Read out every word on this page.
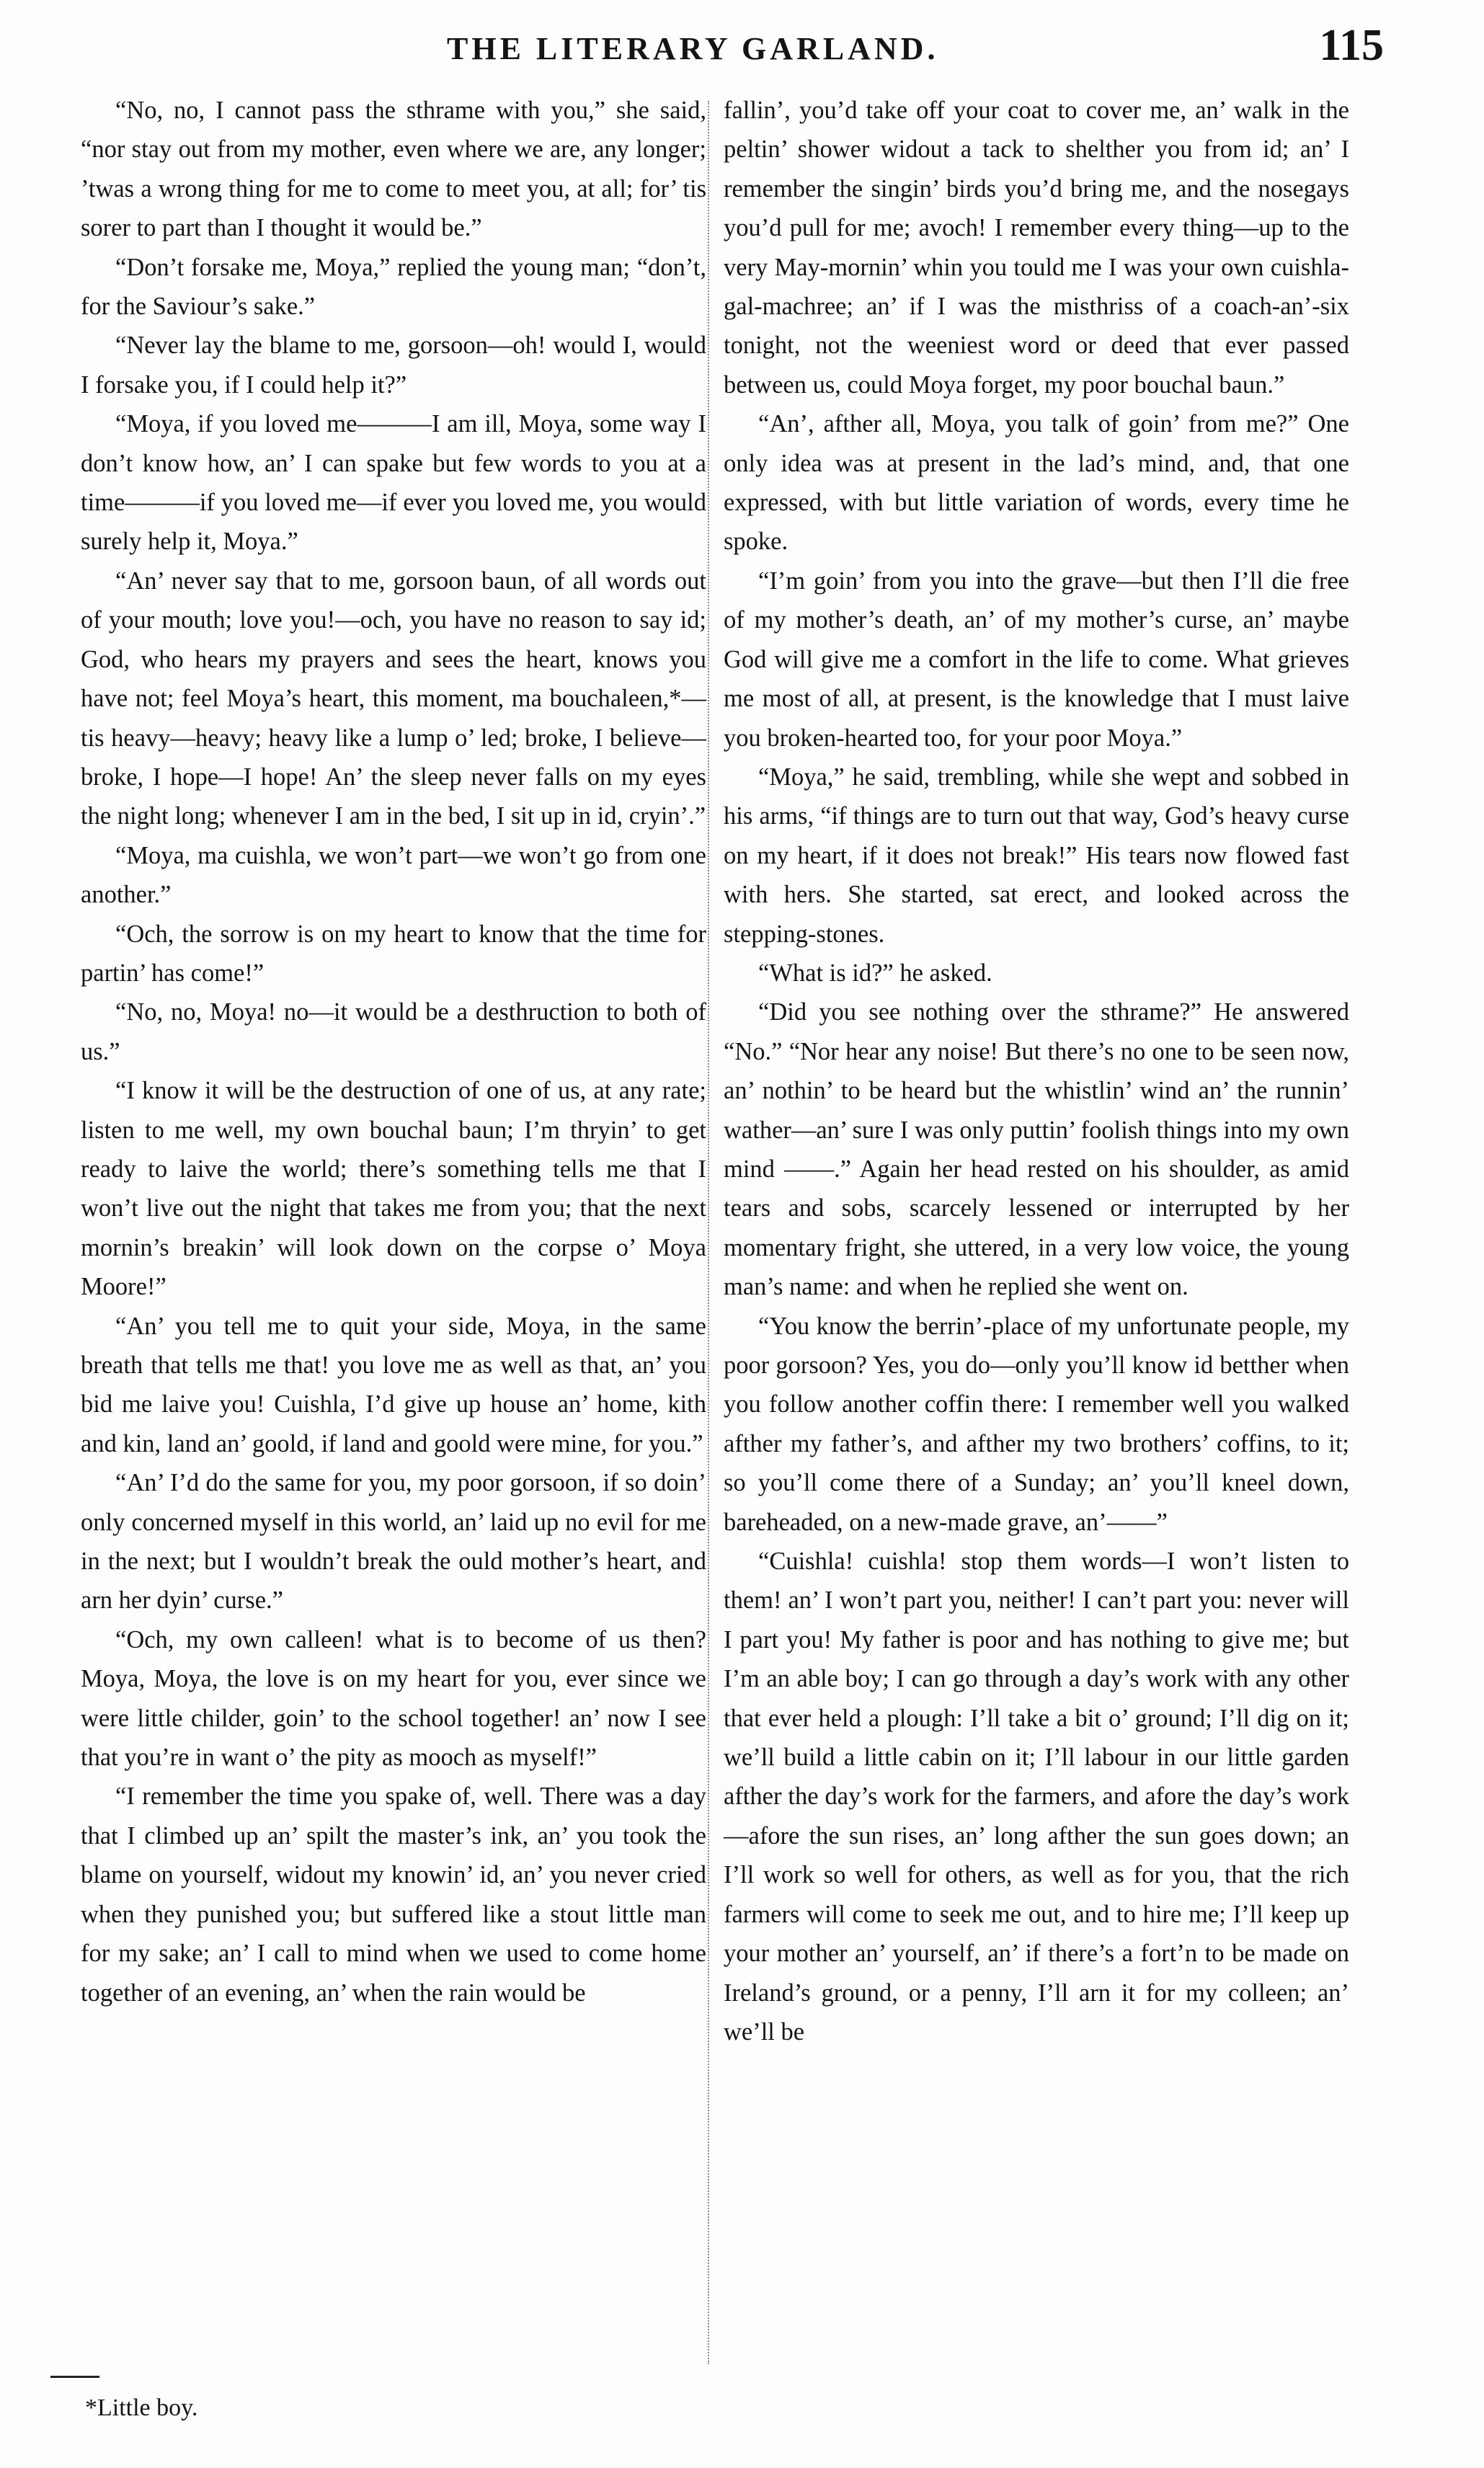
THE LITERARY GARLAND.	115

“No, no, I cannot pass the sthrame with you,” she said, “nor stay out from my mother, even where we are, any longer; ’twas a wrong thing for me to come to meet you, at all; for’ tis sorer to part than I thought it would be.”

“Don’t forsake me, Moya,” replied the young man; “don’t, for the Saviour’s sake.”

“Never lay the blame to me, gorsoon—oh! would I, would I forsake you, if I could help it?”

“Moya, if you loved me———I am ill, Moya, some way I don’t know how, an’ I can spake but few words to you at a time———if you loved me—if ever you loved me, you would surely help it, Moya.”

“An’ never say that to me, gorsoon baun, of all words out of your mouth; love you!—och, you have no reason to say id; God, who hears my prayers and sees the heart, knows you have not; feel Moya’s heart, this moment, ma bouchaleen,*—tis heavy—heavy; heavy like a lump o’ led; broke, I believe—broke, I hope—I hope! An’ the sleep never falls on my eyes the night long; whenever I am in the bed, I sit up in id, cryin’.”

“Moya, ma cuishla, we won’t part—we won’t go from one another.”

“Och, the sorrow is on my heart to know that the time for partin’ has come!”

“No, no, Moya! no—it would be a desthruction to both of us.”

“I know it will be the destruction of one of us, at any rate; listen to me well, my own bouchal baun; I’m thryin’ to get ready to laive the world; there’s something tells me that I won’t live out the night that takes me from you; that the next mornin’s breakin’ will look down on the corpse o’ Moya Moore!”

“An’ you tell me to quit your side, Moya, in the same breath that tells me that! you love me as well as that, an’ you bid me laive you! Cuishla, I’d give up house an’ home, kith and kin, land an’ goold, if land and goold were mine, for you.”

“An’ I’d do the same for you, my poor gorsoon, if so doin’ only concerned myself in this world, an’ laid up no evil for me in the next; but I wouldn’t break the ould mother’s heart, and arn her dyin’ curse.”

“Och, my own calleen! what is to become of us then? Moya, Moya, the love is on my heart for you, ever since we were little childer, goin’ to the school together! an’ now I see that you’re in want o’ the pity as mooch as myself!”

“I remember the time you spake of, well. There was a day that I climbed up an’ spilt the master’s ink, an’ you took the blame on yourself, widout my knowin’ id, an’ you never cried when they punished you; but suffered like a stout little man for my sake; an’ I call to mind when we used to come home together of an evening, an’ when the rain would be

fallin’, you’d take off your coat to cover me, an’ walk in the peltin’ shower widout a tack to shelther you from id; an’ I remember the singin’ birds you’d bring me, and the nosegays you’d pull for me; avoch! I remember every thing—up to the very May-mornin’ whin you tould me I was your own cuishla-gal-machree; an’ if I was the misthriss of a coach-an’-six tonight, not the weeniest word or deed that ever passed between us, could Moya forget, my poor bouchal baun.”

“An’, afther all, Moya, you talk of goin’ from me?” One only idea was at present in the lad’s mind, and, that one expressed, with but little variation of words, every time he spoke.

“I’m goin’ from you into the grave—but then I’ll die free of my mother’s death, an’ of my mother’s curse, an’ maybe God will give me a comfort in the life to come. What grieves me most of all, at present, is the knowledge that I must laive you broken-hearted too, for your poor Moya.”

“Moya,” he said, trembling, while she wept and sobbed in his arms, “if things are to turn out that way, God’s heavy curse on my heart, if it does not break!” His tears now flowed fast with hers. She started, sat erect, and looked across the stepping-stones.

“What is id?” he asked.

“Did you see nothing over the sthrame?” He answered “No.” “Nor hear any noise! But there’s no one to be seen now, an’ nothin’ to be heard but the whistlin’ wind an’ the runnin’ wather—an’ sure I was only puttin’ foolish things into my own mind ——.” Again her head rested on his shoulder, as amid tears and sobs, scarcely lessened or interrupted by her momentary fright, she uttered, in a very low voice, the young man’s name: and when he replied she went on.

“You know the berrin’-place of my unfortunate people, my poor gorsoon? Yes, you do—only you’ll know id betther when you follow another coffin there: I remember well you walked afther my father’s, and afther my two brothers’ coffins, to it; so you’ll come there of a Sunday; an’ you’ll kneel down, bareheaded, on a new-made grave, an’——”

“Cuishla! cuishla! stop them words—I won’t listen to them! an’ I won’t part you, neither! I can’t part you: never will I part you! My father is poor and has nothing to give me; but I’m an able boy; I can go through a day’s work with any other that ever held a plough: I’ll take a bit o’ ground; I’ll dig on it; we’ll build a little cabin on it; I’ll labour in our little garden afther the day’s work for the farmers, and afore the day’s work—afore the sun rises, an’ long afther the sun goes down; an I’ll work so well for others, as well as for you, that the rich farmers will come to seek me out, and to hire me; I’ll keep up your mother an’ yourself, an’ if there’s a fort’n to be made on Ireland’s ground, or a penny, I’ll arn it for my colleen; an’ we’ll be

*Little boy.
